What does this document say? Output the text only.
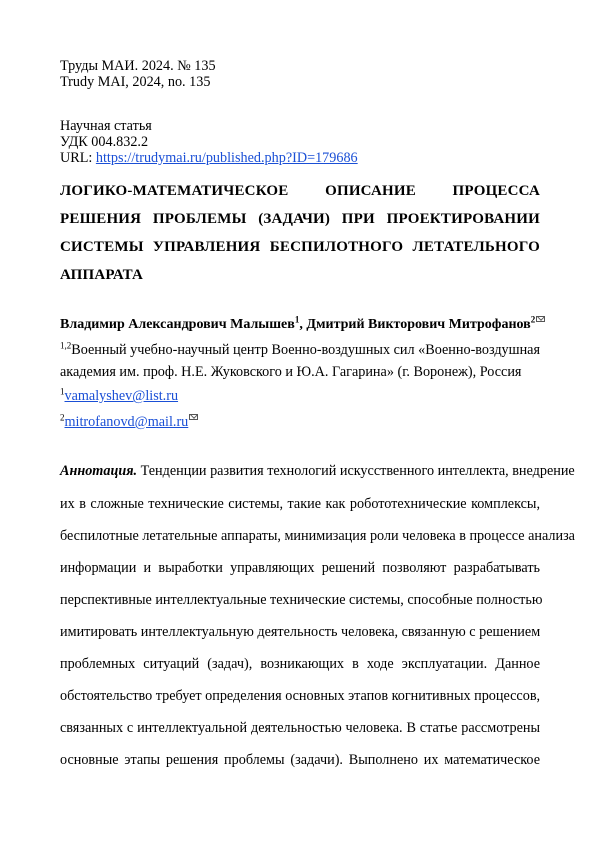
Труды МАИ. 2024. № 135
Trudy MAI, 2024, no. 135
Научная статья
УДК 004.832.2
URL: https://trudymai.ru/published.php?ID=179686
ЛОГИКО-МАТЕМАТИЧЕСКОЕ ОПИСАНИЕ ПРОЦЕССА
РЕШЕНИЯ ПРОБЛЕМЫ (ЗАДАЧИ) ПРИ ПРОЕКТИРОВАНИИ
СИСТЕМЫ УПРАВЛЕНИЯ БЕСПИЛОТНОГО ЛЕТАТЕЛЬНОГО
АППАРАТА
Владимир Александрович Малышев$^1$, Дмитрий Викторович Митрофанов$^2$
$^{1,2}$Военный учебно-научный центр Военно-воздушных сил «Военно-воздушная
академия им. проф. Н.Е. Жуковского и Ю.А. Гагарина» (г. Воронеж), Россия
$^1$vamalyshev@list.ru
$^2$mitrofanovd@mail.ru
Аннотация. Тенденции развития технологий искусственного интеллекта, внедрение
их в сложные технические системы, такие как робототехнические комплексы,
беспилотные летательные аппараты, минимизация роли человека в процессе анализа
информации и выработки управляющих решений позволяют разрабатывать
перспективные интеллектуальные технические системы, способные полностью
имитировать интеллектуальную деятельность человека, связанную с решением
проблемных ситуаций (задач), возникающих в ходе эксплуатации. Данное
обстоятельство требует определения основных этапов когнитивных процессов,
связанных с интеллектуальной деятельностью человека. В статье рассмотрены
основные этапы решения проблемы (задачи). Выполнено их математическое
